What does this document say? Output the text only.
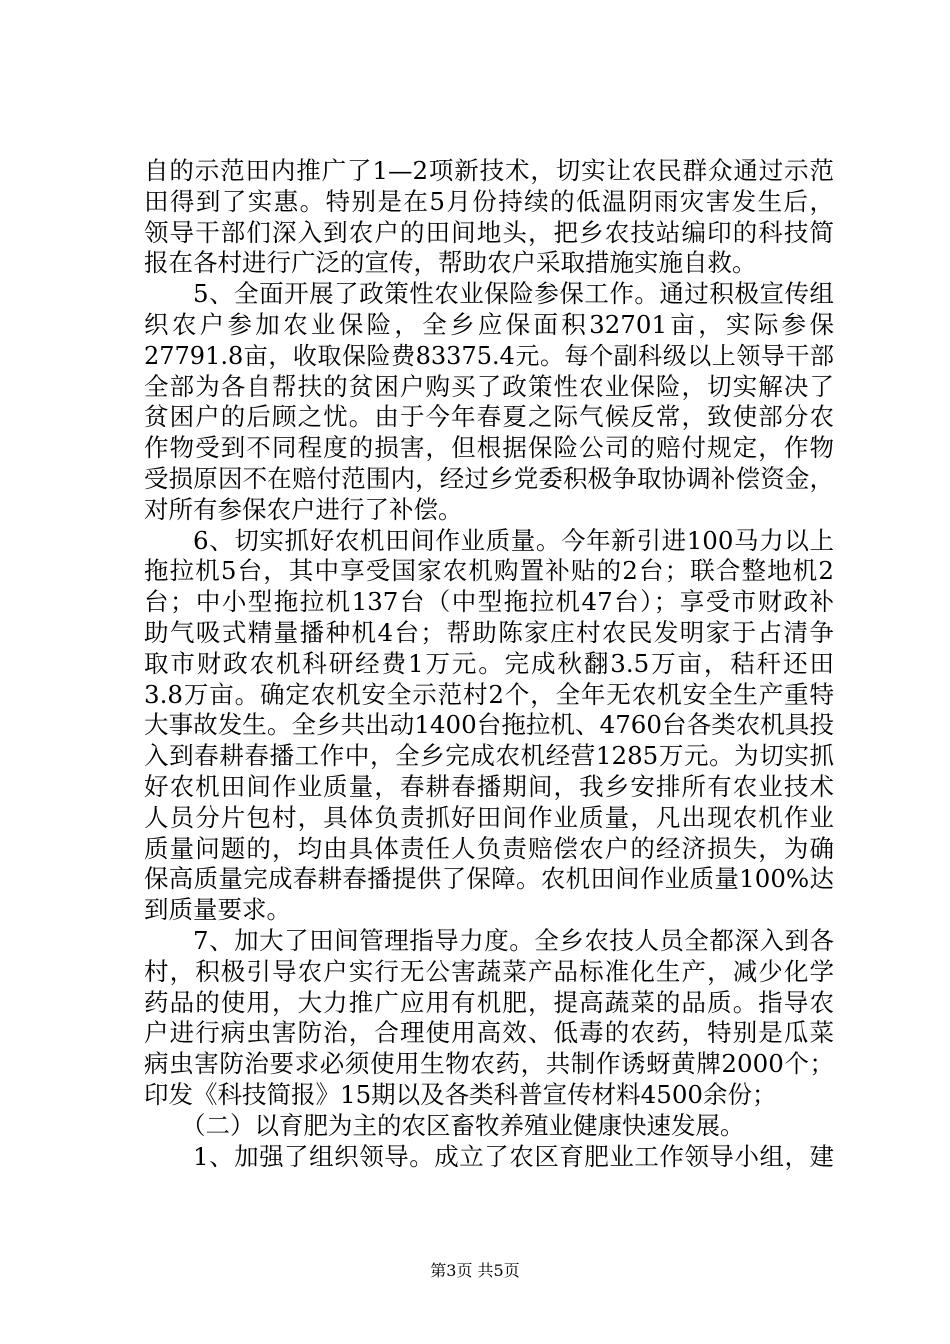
自的示范田内推广了1—2项新技术，切实让农民群众通过示范
田得到了实惠。特别是在5月份持续的低温阴雨灾害发生后，
领导干部们深入到农户的田间地头，把乡农技站编印的科技简
报在各村进行广泛的宣传，帮助农户采取措施实施自救。
5、全面开展了政策性农业保险参保工作。通过积极宣传组
织农户参加农业保险，全乡应保面积32701亩，实际参保
27791.8亩，收取保险费83375.4元。每个副科级以上领导干部
全部为各自帮扶的贫困户购买了政策性农业保险，切实解决了
贫困户的后顾之忧。由于今年春夏之际气候反常，致使部分农
作物受到不同程度的损害，但根据保险公司的赔付规定，作物
受损原因不在赔付范围内，经过乡党委积极争取协调补偿资金，
对所有参保农户进行了补偿。
6、切实抓好农机田间作业质量。今年新引进100马力以上
拖拉机5台，其中享受国家农机购置补贴的2台；联合整地机2
台；中小型拖拉机137台（中型拖拉机47台）；享受市财政补
助气吸式精量播种机4台；帮助陈家庄村农民发明家于占清争
取市财政农机科研经费1万元。完成秋翻3.5万亩，秸秆还田
3.8万亩。确定农机安全示范村2个，全年无农机安全生产重特
大事故发生。全乡共出动1400台拖拉机、4760台各类农机具投
入到春耕春播工作中，全乡完成农机经营1285万元。为切实抓
好农机田间作业质量，春耕春播期间，我乡安排所有农业技术
人员分片包村，具体负责抓好田间作业质量，凡出现农机作业
质量问题的，均由具体责任人负责赔偿农户的经济损失，为确
保高质量完成春耕春播提供了保障。农机田间作业质量100%达
到质量要求。
7、加大了田间管理指导力度。全乡农技人员全都深入到各
村，积极引导农户实行无公害蔬菜产品标准化生产，减少化学
药品的使用，大力推广应用有机肥，提高蔬菜的品质。指导农
户进行病虫害防治，合理使用高效、低毒的农药，特别是瓜菜
病虫害防治要求必须使用生物农药，共制作诱蚜黄牌2000个；
印发《科技简报》15期以及各类科普宣传材料4500余份；
（二）以育肥为主的农区畜牧养殖业健康快速发展。
1、加强了组织领导。成立了农区育肥业工作领导小组，建
第3页 共5页
